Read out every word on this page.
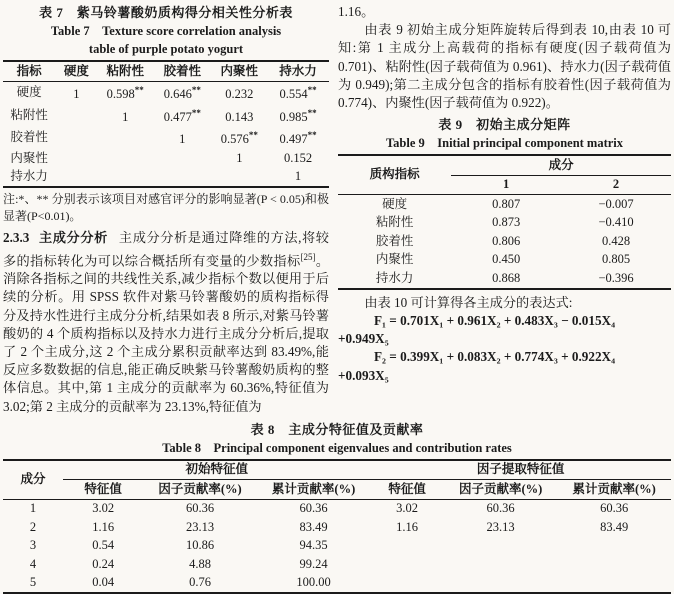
表 7　紫马铃薯酸奶质构得分相关性分析表
Table 7　Texture score correlation analysis
table of purple potato yogurt
指标	硬度	粘附性	胶着性	内聚性	持水力
硬度	1	0.598**	0.646**	0.232	0.554**
粘附性		1	0.477**	0.143	0.985**
胶着性			1	0.576**	0.497**
内聚性				1	0.152
持水力					1
注:*、** 分别表示该项目对感官评分的影响显著(P < 0.05)和极显著(P<0.01)。

2.3.3 主成分分析 主成分分析是通过降维的方法,将较多的指标转化为可以综合概括所有变量的少数指标[25]。消除各指标之间的共线性关系,减少指标个数以便用于后续的分析。用 SPSS 软件对紫马铃薯酸奶的质构指标得分及持水性进行主成分分析,结果如表 8 所示,对紫马铃薯酸奶的 4 个质构指标以及持水力进行主成分分析后,提取了 2 个主成分,这 2 个主成分累积贡献率达到 83.49%,能反应多数数据的信息,能正确反映紫马铃薯酸奶质构的整体信息。其中,第 1 主成分的贡献率为 60.36%,特征值为 3.02;第 2 主成分的贡献率为 23.13%,特征值为

1.16。

由表 9 初始主成分矩阵旋转后得到表 10,由表 10 可知:第 1 主成分上高载荷的指标有硬度(因子载荷值为 0.701)、粘附性(因子载荷值为 0.961)、持水力(因子载荷值为 0.949);第二主成分包含的指标有胶着性(因子载荷值为 0.774)、内聚性(因子载荷值为 0.922)。

表 9　初始主成分矩阵
Table 9　Initial principal component matrix
质构指标	成分	
	1	2
硬度	0.807	−0.007
粘附性	0.873	−0.410
胶着性	0.806	0.428
内聚性	0.450	0.805
持水力	0.868	−0.396

由表 10 可计算得各主成分的表达式:

F₁ = 0.701X₁ + 0.961X₂ + 0.483X₃ − 0.015X₄
+0.949X₅
F₂ = 0.399X₁ + 0.083X₂ + 0.774X₃ + 0.922X₄
+0.093X₅
表 8　主成分特征值及贡献率
Table 8　Principal component eigenvalues and contribution rates
成分	初始特征值			因子提取特征值		
	特征值	因子贡献率(%)	累计贡献率(%)	特征值	因子贡献率(%)	累计贡献率(%)
1	3.02	60.36	60.36	3.02	60.36	60.36
2	1.16	23.13	83.49	1.16	23.13	83.49
3	0.54	10.86	94.35			
4	0.24	4.88	99.24			
5	0.04	0.76	100.00			
